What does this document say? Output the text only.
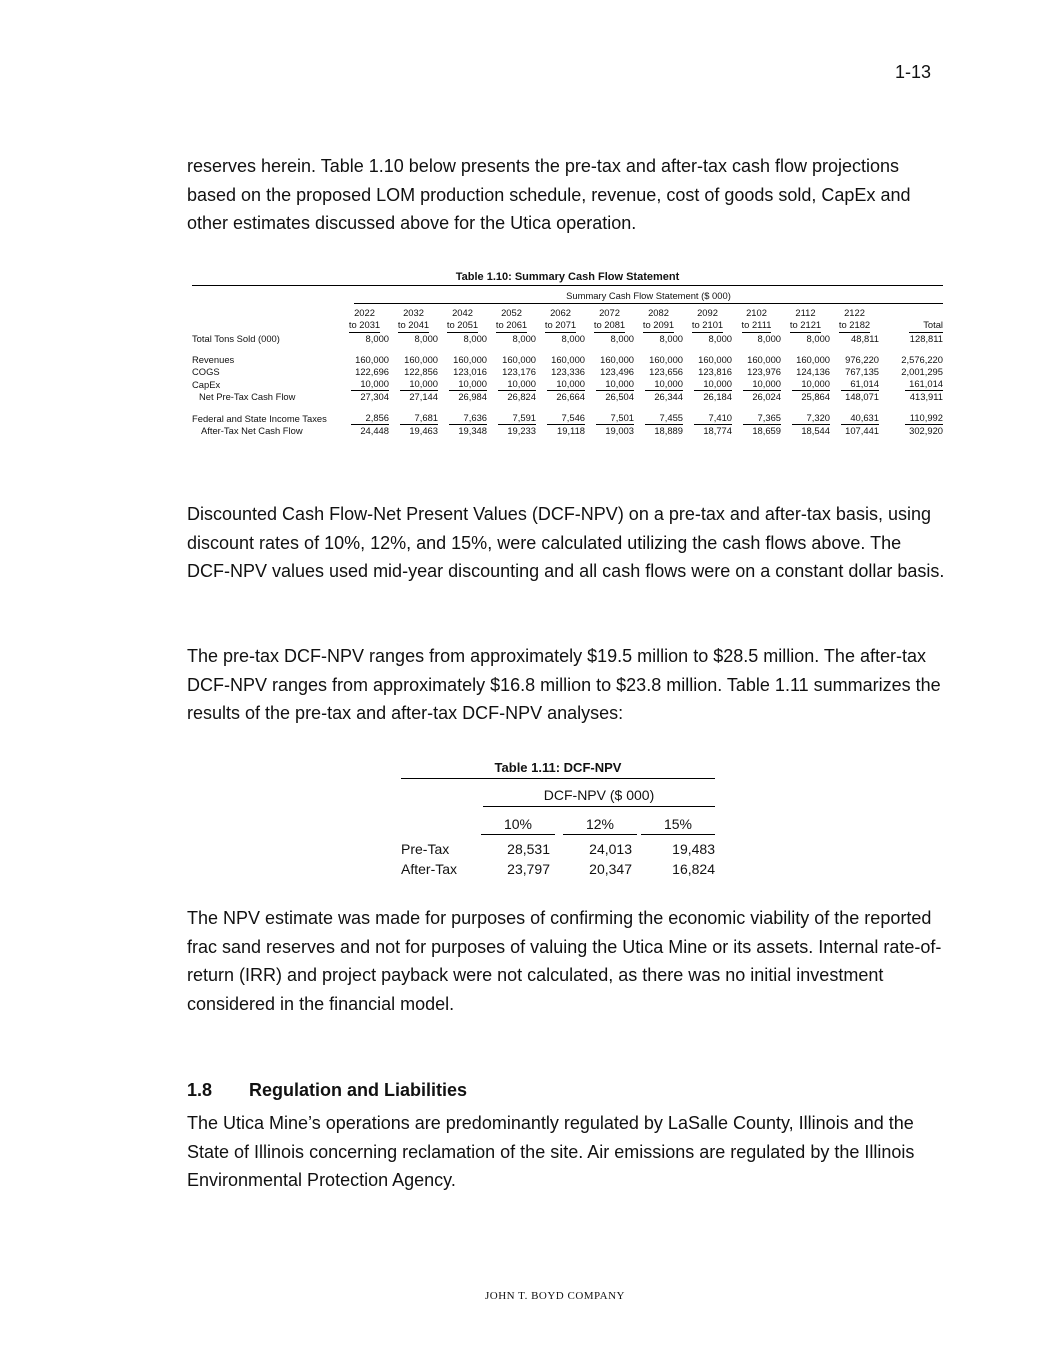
1-13

reserves herein. Table 1.10 below presents the pre-tax and after-tax cash flow projections based on the proposed LOM production schedule, revenue, cost of goods sold, CapEx and other estimates discussed above for the Utica operation.

Table 1.10: Summary Cash Flow Statement
Summary Cash Flow Statement ($ 000)
	2022	2032	2042	2052	2062	2072	2082	2092	2102	2112	2122	
	to 2031	to 2041	to 2051	to 2061	to 2071	to 2081	to 2091	to 2101	to 2111	to 2121	to 2182	Total
Total Tons Sold (000)	8,000	8,000	8,000	8,000	8,000	8,000	8,000	8,000	8,000	8,000	48,811	128,811

Revenues	160,000	160,000	160,000	160,000	160,000	160,000	160,000	160,000	160,000	160,000	976,220	2,576,220
COGS	122,696	122,856	123,016	123,176	123,336	123,496	123,656	123,816	123,976	124,136	767,135	2,001,295
CapEx	10,000	10,000	10,000	10,000	10,000	10,000	10,000	10,000	10,000	10,000	61,014	161,014
Net Pre-Tax Cash Flow	27,304	27,144	26,984	26,824	26,664	26,504	26,344	26,184	26,024	25,864	148,071	413,911

Federal and State Income Taxes	2,856	7,681	7,636	7,591	7,546	7,501	7,455	7,410	7,365	7,320	40,631	110,992
After-Tax Net Cash Flow	24,448	19,463	19,348	19,233	19,118	19,003	18,889	18,774	18,659	18,544	107,441	302,920

Discounted Cash Flow-Net Present Values (DCF-NPV) on a pre-tax and after-tax basis, using discount rates of 10%, 12%, and 15%, were calculated utilizing the cash flows above. The DCF-NPV values used mid-year discounting and all cash flows were on a constant dollar basis.

The pre-tax DCF-NPV ranges from approximately $19.5 million to $28.5 million. The after-tax DCF-NPV ranges from approximately $16.8 million to $23.8 million. Table 1.11 summarizes the results of the pre-tax and after-tax DCF-NPV analyses:

Table 1.11: DCF-NPV
DCF-NPV ($ 000)
10%	12%	15%
Pre-Tax	28,531	24,013	19,483
After-Tax	23,797	20,347	16,824

The NPV estimate was made for purposes of confirming the economic viability of the reported frac sand reserves and not for purposes of valuing the Utica Mine or its assets. Internal rate-of-return (IRR) and project payback were not calculated, as there was no initial investment considered in the financial model.

1.8 Regulation and Liabilities

The Utica Mine’s operations are predominantly regulated by LaSalle County, Illinois and the State of Illinois concerning reclamation of the site. Air emissions are regulated by the Illinois Environmental Protection Agency.

JOHN T. BOYD COMPANY
